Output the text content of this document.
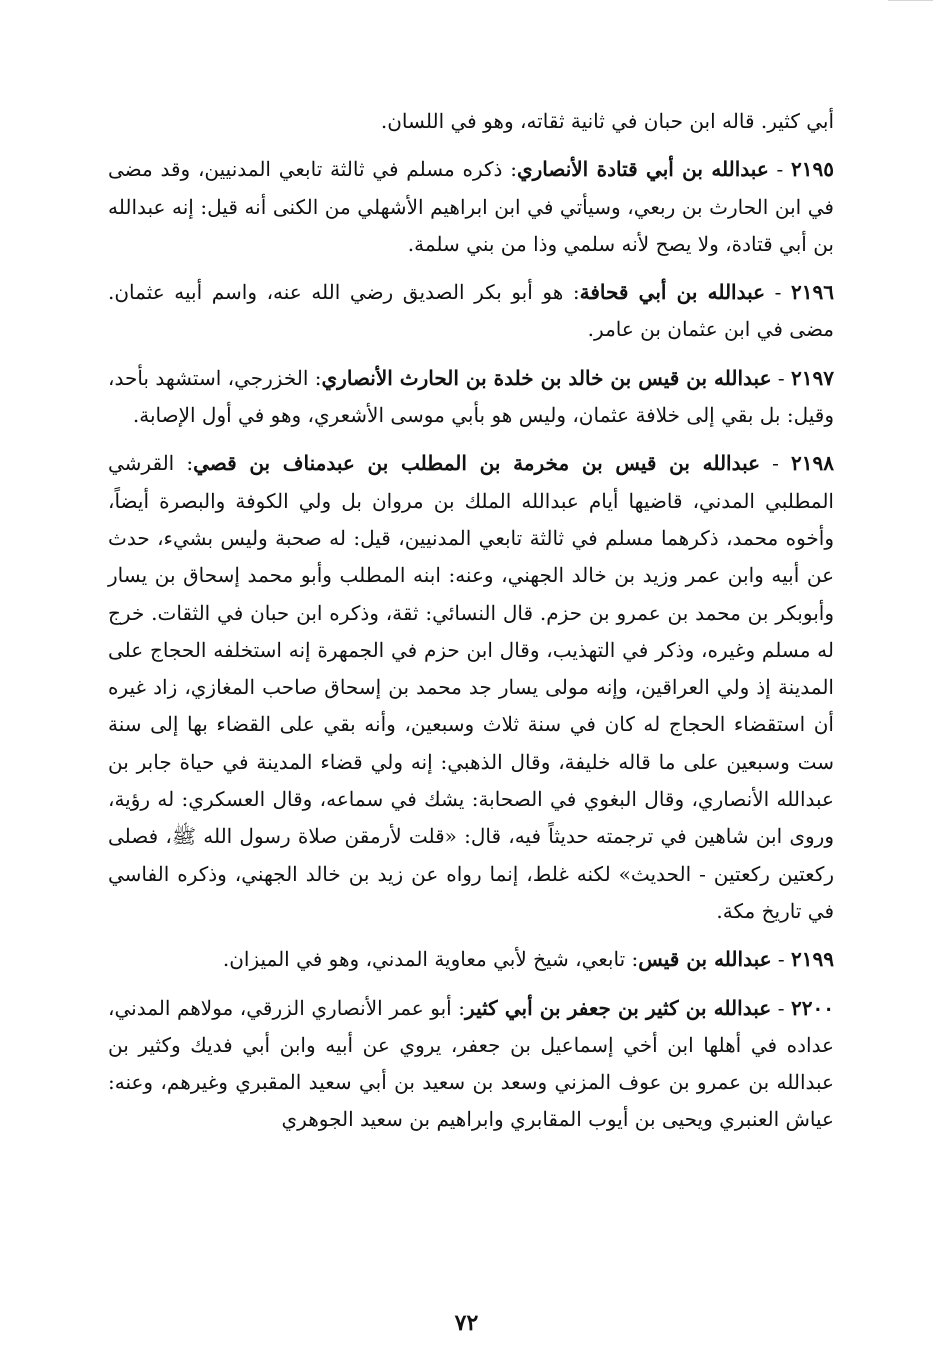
أبي كثير. قاله ابن حبان في ثانية ثقاته، وهو في اللسان.

٢١٩٥ - عبدالله بن أبي قتادة الأنصاري: ذكره مسلم في ثالثة تابعي المدنيين، وقد مضى في ابن الحارث بن ربعي، وسيأتي في ابن ابراهيم الأشهلي من الكنى أنه قيل: إنه عبدالله بن أبي قتادة، ولا يصح لأنه سلمي وذا من بني سلمة.

٢١٩٦ - عبدالله بن أبي قحافة: هو أبو بكر الصديق رضي الله عنه، واسم أبيه عثمان. مضى في ابن عثمان بن عامر.

٢١٩٧ - عبدالله بن قيس بن خالد بن خلدة بن الحارث الأنصاري: الخزرجي، استشهد بأحد، وقيل: بل بقي إلى خلافة عثمان، وليس هو بأبي موسى الأشعري، وهو في أول الإصابة.

٢١٩٨ - عبدالله بن قيس بن مخرمة بن المطلب بن عبدمناف بن قصي: القرشي المطلبي المدني، قاضيها أيام عبدالله الملك بن مروان بل ولي الكوفة والبصرة أيضاً، وأخوه محمد، ذكرهما مسلم في ثالثة تابعي المدنيين، قيل: له صحبة وليس بشيء، حدث عن أبيه وابن عمر وزيد بن خالد الجهني، وعنه: ابنه المطلب وأبو محمد إسحاق بن يسار وأبوبكر بن محمد بن عمرو بن حزم. قال النسائي: ثقة، وذكره ابن حبان في الثقات. خرج له مسلم وغيره، وذكر في التهذيب، وقال ابن حزم في الجمهرة إنه استخلفه الحجاج على المدينة إذ ولي العراقين، وإنه مولى يسار جد محمد بن إسحاق صاحب المغازي، زاد غيره أن استقضاء الحجاج له كان في سنة ثلاث وسبعين، وأنه بقي على القضاء بها إلى سنة ست وسبعين على ما قاله خليفة، وقال الذهبي: إنه ولي قضاء المدينة في حياة جابر بن عبدالله الأنصاري، وقال البغوي في الصحابة: يشك في سماعه، وقال العسكري: له رؤية، وروى ابن شاهين في ترجمته حديثاً فيه، قال: «قلت لأرمقن صلاة رسول الله ﷺ، فصلى ركعتين ركعتين - الحديث» لكنه غلط، إنما رواه عن زيد بن خالد الجهني، وذكره الفاسي في تاريخ مكة.

٢١٩٩ - عبدالله بن قيس: تابعي، شيخ لأبي معاوية المدني، وهو في الميزان.

٢٢٠٠ - عبدالله بن كثير بن جعفر بن أبي كثير: أبو عمر الأنصاري الزرقي، مولاهم المدني، عداده في أهلها ابن أخي إسماعيل بن جعفر، يروي عن أبيه وابن أبي فديك وكثير بن عبدالله بن عمرو بن عوف المزني وسعد بن سعيد بن أبي سعيد المقبري وغيرهم، وعنه: عياش العنبري ويحيى بن أيوب المقابري وابراهيم بن سعيد الجوهري

٧٢
